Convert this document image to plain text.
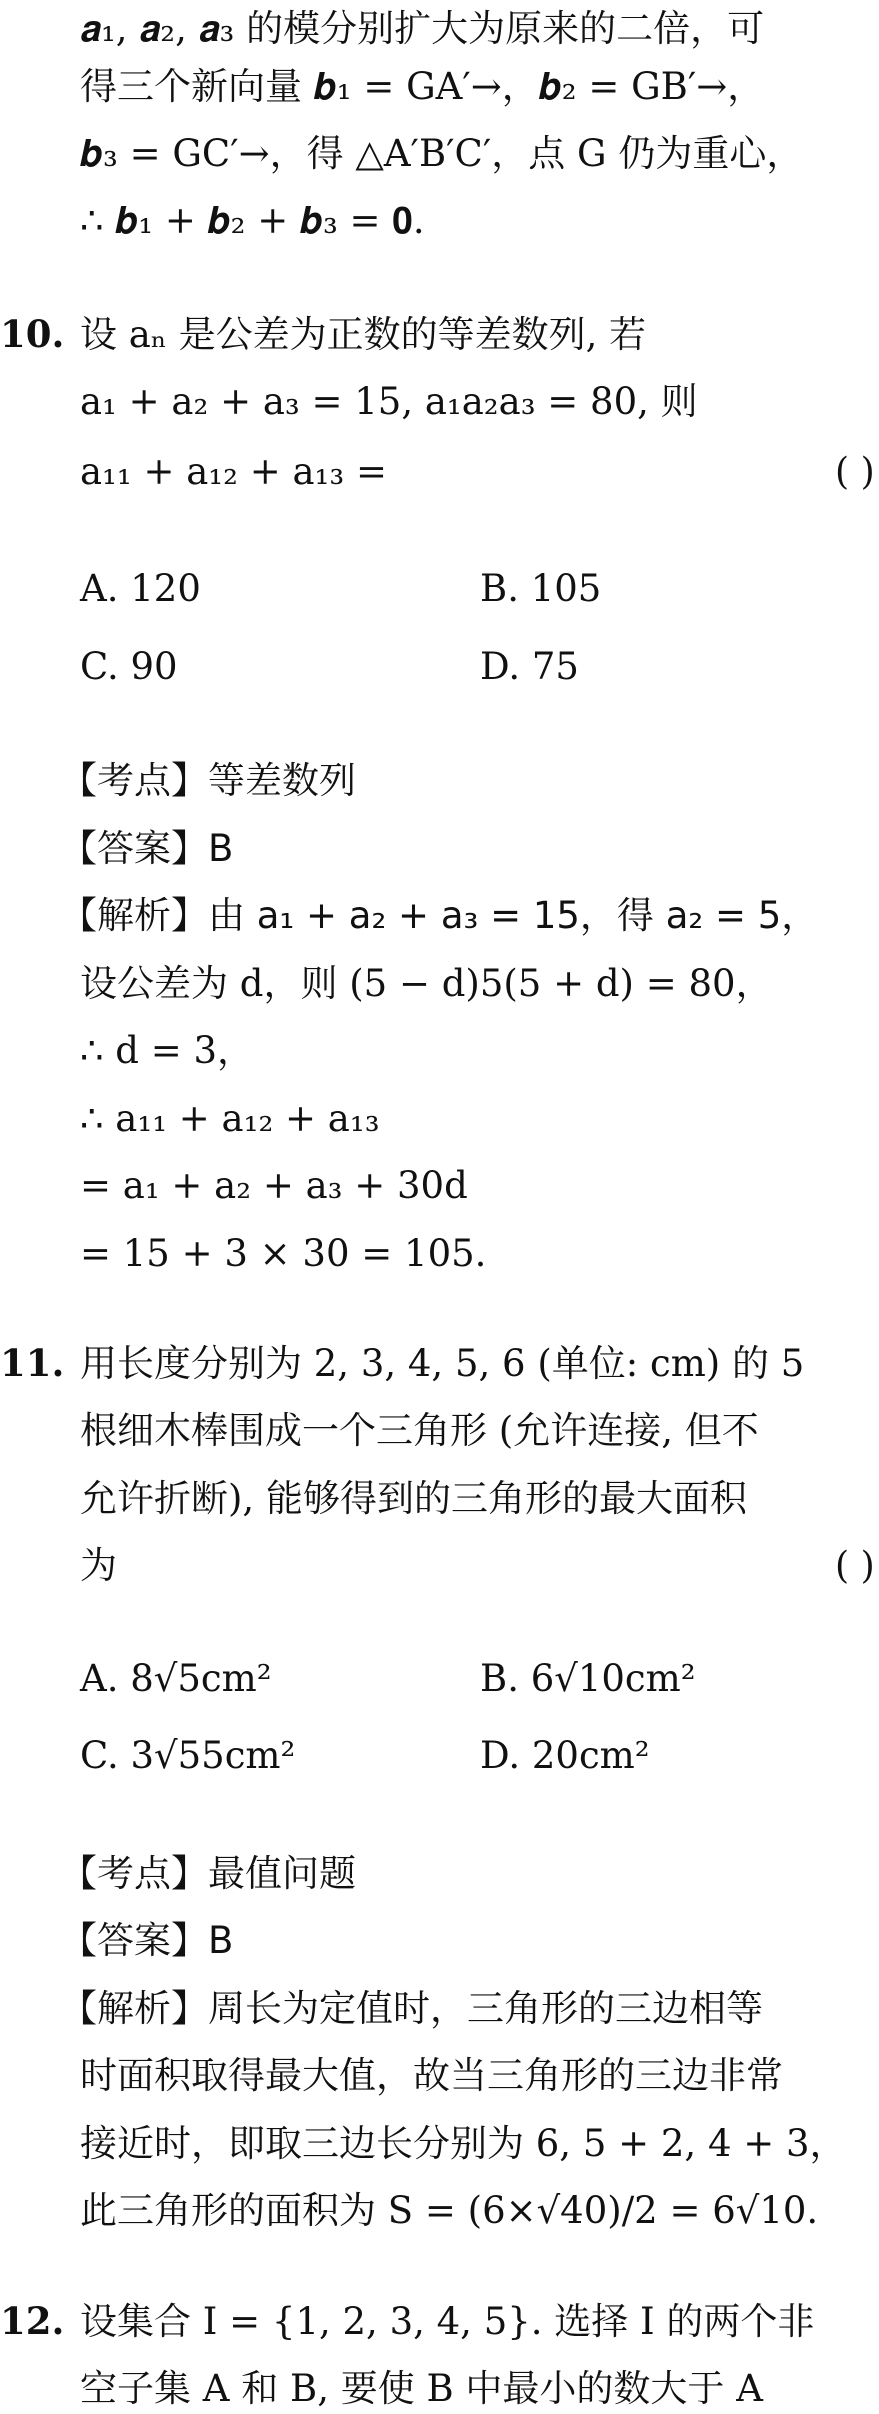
𝒂₁, 𝒂₂, 𝒂₃ 的模分别扩大为原来的二倍，可
得三个新向量 𝒃₁ = GA′→，𝒃₂ = GB′→，
𝒃₃ = GC′→，得 △A′B′C′，点 G 仍为重心，
∴ 𝒃₁ + 𝒃₂ + 𝒃₃ = 𝟎.
10. 设 aₙ 是公差为正数的等差数列, 若
a₁ + a₂ + a₃ = 15, a₁a₂a₃ = 80, 则
a₁₁ + a₁₂ + a₁₃ =	( )
A. 120	B. 105
C. 90	D. 75
【考点】等差数列
【答案】B
【解析】由 a₁ + a₂ + a₃ = 15，得 a₂ = 5，
设公差为 d，则 (5 − d)5(5 + d) = 80，
∴ d = 3，
∴ a₁₁ + a₁₂ + a₁₃
= a₁ + a₂ + a₃ + 30d
= 15 + 3 × 30 = 105.
11. 用长度分别为 2, 3, 4, 5, 6 (单位: cm) 的 5
根细木棒围成一个三角形 (允许连接, 但不
允许折断), 能够得到的三角形的最大面积
为	( )
A. 8√5cm²	B. 6√10cm²
C. 3√55cm²	D. 20cm²
【考点】最值问题
【答案】B
【解析】周长为定值时，三角形的三边相等
时面积取得最大值，故当三角形的三边非常
接近时，即取三边长分别为 6, 5 + 2, 4 + 3，
此三角形的面积为 S = (6×√40)/2 = 6√10.
12. 设集合 I = {1, 2, 3, 4, 5}. 选择 I 的两个非
空子集 A 和 B, 要使 B 中最小的数大于 A
